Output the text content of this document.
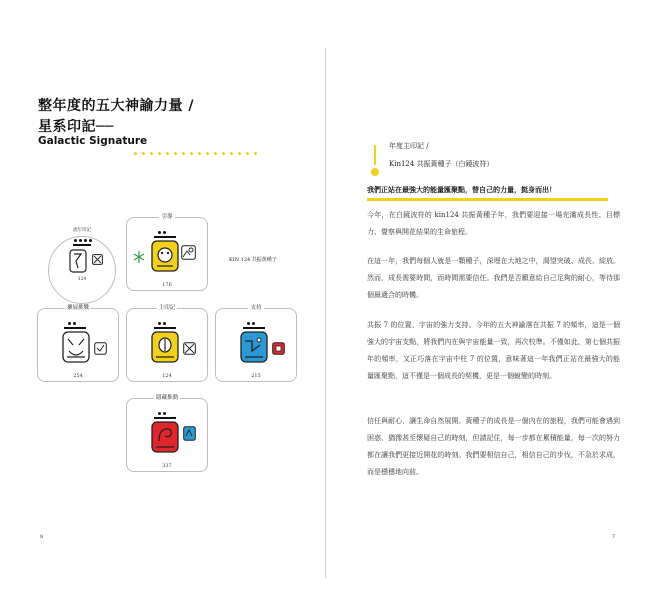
整年度的五大神諭力量 /
星系印記──
Galactic Signature
流年印記
124
引導
176
KIN 124 共振黃種子
擴展挑戰
254
主印記
124
支持
215
隱藏推動
337
8
年度主印記 /
Kin124 共振黃種子（白鏡波符）
我們正站在最強大的能量匯聚點，替自己的力量，挺身而出！
今年，在白鏡波符的 kin124 共振黃種子年，我們要迎接一場充滿成長性、目標力、覺察與開花結果的生命旅程。
在這一年，我們每個人就是一顆種子，深埋在大地之中，渴望突破、成長、綻放。然而，成長需要時間，而時間需要信任。我們是否願意給自己足夠的耐心，等待那個最適合的時機。
共振 7 的位置、宇宙的強力支持。今年的五大神諭落在共振 7 的頻率，這是一個強大的宇宙支點，將我們內在與宇宙能量一致，再次校準。不僅如此，第七個共振年的頻率，又正巧落在宇宙中柱 7 的位置，意味著這一年我們正站在最強大的能量匯聚點，這不僅是一個成長的契機，更是一個蛻變的時刻。
信任與耐心、讓生命自然展開。黃種子的成長是一個內在的旅程，我們可能會遇到困惑、猶豫甚至懷疑自己的時刻，但請記住，每一步都在累積能量，每一次的努力都在讓我們更接近開花的時刻。我們要相信自己，相信自己的步伐，不急於求成，而是穩穩地向前。
7
